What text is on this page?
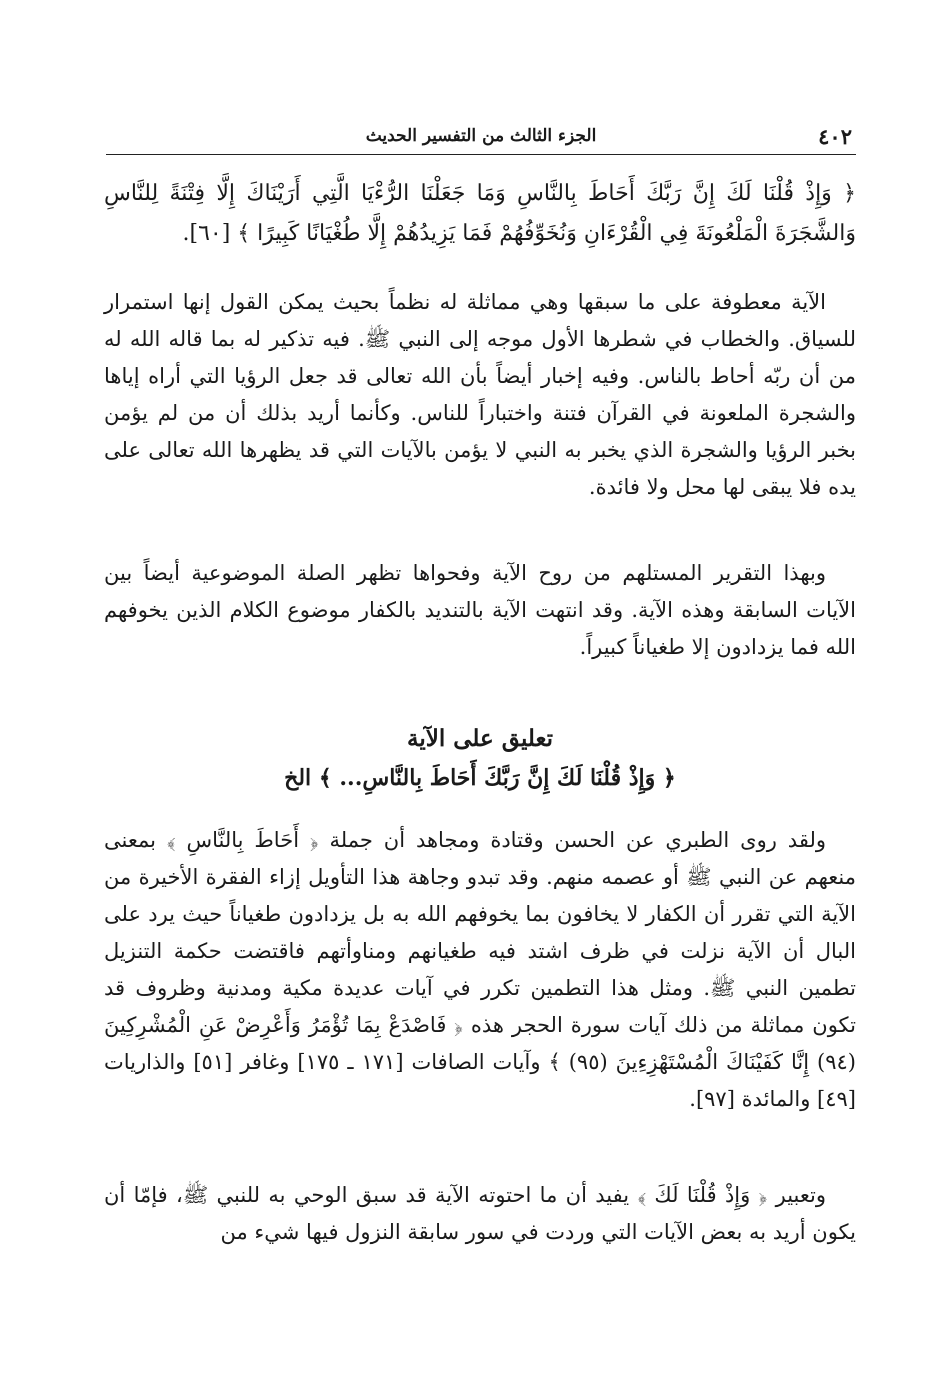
٤٠٢
الجزء الثالث من التفسير الحديث

﴿ وَإِذْ قُلْنَا لَكَ إِنَّ رَبَّكَ أَحَاطَ بِالنَّاسِ وَمَا جَعَلْنَا الرُّءْيَا الَّتِي أَرَيْنَاكَ إِلَّا فِتْنَةً لِلنَّاسِ وَالشَّجَرَةَ الْمَلْعُونَةَ فِي الْقُرْءَانِ وَنُخَوِّفُهُمْ فَمَا يَزِيدُهُمْ إِلَّا طُغْيَانًا كَبِيرًا ﴾ [٦٠].

الآية معطوفة على ما سبقها وهي مماثلة له نظماً بحيث يمكن القول إنها استمرار للسياق. والخطاب في شطرها الأول موجه إلى النبي ﷺ. فيه تذكير له بما قاله الله له من أن ربّه أحاط بالناس. وفيه إخبار أيضاً بأن الله تعالى قد جعل الرؤيا التي أراه إياها والشجرة الملعونة في القرآن فتنة واختباراً للناس. وكأنما أريد بذلك أن من لم يؤمن بخبر الرؤيا والشجرة الذي يخبر به النبي لا يؤمن بالآيات التي قد يظهرها الله تعالى على يده فلا يبقى لها محل ولا فائدة.

وبهذا التقرير المستلهم من روح الآية وفحواها تظهر الصلة الموضوعية أيضاً بين الآيات السابقة وهذه الآية. وقد انتهت الآية بالتنديد بالكفار موضوع الكلام الذين يخوفهم الله فما يزدادون إلا طغياناً كبيراً.

تعليق على الآية
﴿ وَإِذْ قُلْنَا لَكَ إِنَّ رَبَّكَ أَحَاطَ بِالنَّاسِ... ﴾ الخ

ولقد روى الطبري عن الحسن وقتادة ومجاهد أن جملة ﴿ أَحَاطَ بِالنَّاسِ ﴾ بمعنى منعهم عن النبي ﷺ أو عصمه منهم. وقد تبدو وجاهة هذا التأويل إزاء الفقرة الأخيرة من الآية التي تقرر أن الكفار لا يخافون بما يخوفهم الله به بل يزدادون طغياناً حيث يرد على البال أن الآية نزلت في ظرف اشتد فيه طغيانهم ومناوأتهم فاقتضت حكمة التنزيل تطمين النبي ﷺ. ومثل هذا التطمين تكرر في آيات عديدة مكية ومدنية وظروف قد تكون مماثلة من ذلك آيات سورة الحجر هذه ﴿ فَاصْدَعْ بِمَا تُؤْمَرُ وَأَعْرِضْ عَنِ الْمُشْرِكِينَ (٩٤) إِنَّا كَفَيْنَاكَ الْمُسْتَهْزِءِينَ (٩٥) ﴾ وآيات الصافات [١٧١ ـ ١٧٥] وغافر [٥١] والذاريات [٤٩] والمائدة [٩٧].

وتعبير ﴿ وَإِذْ قُلْنَا لَكَ ﴾ يفيد أن ما احتوته الآية قد سبق الوحي به للنبي ﷺ، فإمّا أن يكون أريد به بعض الآيات التي وردت في سور سابقة النزول فيها شيء من
